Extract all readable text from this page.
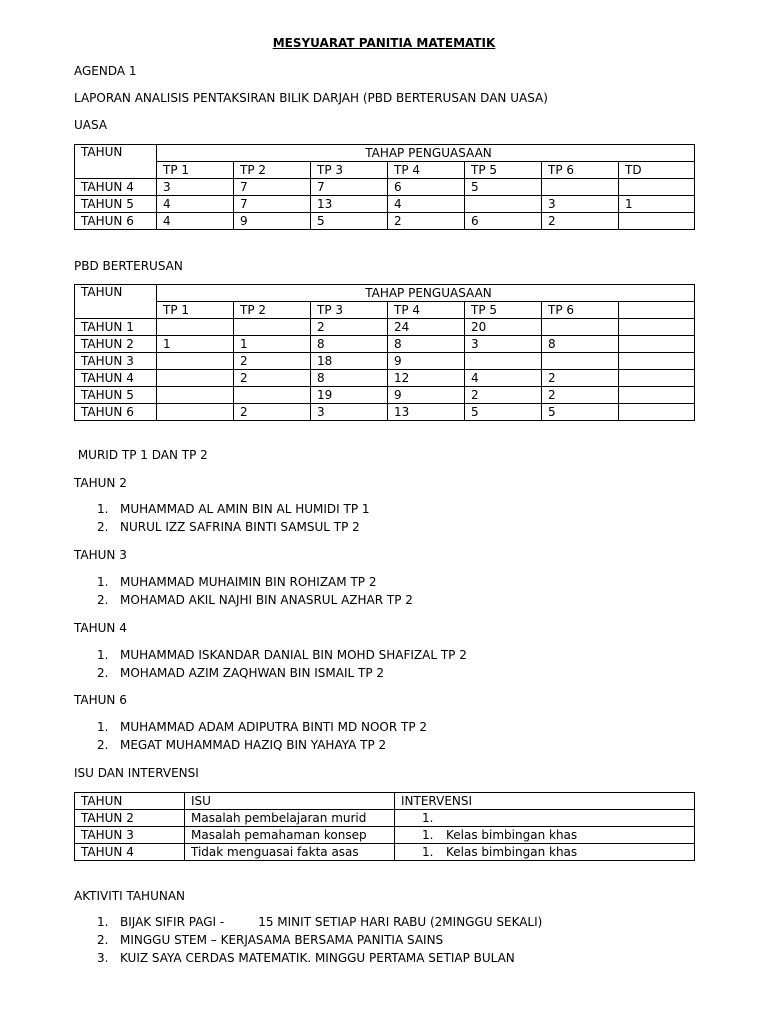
MESYUARAT PANITIA MATEMATIK
AGENDA 1
LAPORAN ANALISIS PENTAKSIRAN BILIK DARJAH (PBD BERTERUSAN DAN UASA)
UASA
TAHUN	TAHAP PENGUASAAN						
	TP 1	TP 2	TP 3	TP 4	TP 5	TP 6	TD
TAHUN 4	3	7	7	6	5		
TAHUN 5	4	7	13	4		3	1
TAHUN 6	4	9	5	2	6	2	
PBD BERTERUSAN
TAHUN	TAHAP PENGUASAAN						
	TP 1	TP 2	TP 3	TP 4	TP 5	TP 6	
TAHUN 1			2	24	20		
TAHUN 2	1	1	8	8	3	8	
TAHUN 3		2	18	9			
TAHUN 4		2	8	12	4	2	
TAHUN 5			19	9	2	2	
TAHUN 6		2	3	13	5	5	
MURID TP 1 DAN TP 2
TAHUN 2
1. MUHAMMAD AL AMIN BIN AL HUMIDI TP 1
2. NURUL IZZ SAFRINA BINTI SAMSUL TP 2
TAHUN 3
1. MUHAMMAD MUHAIMIN BIN ROHIZAM TP 2
2. MOHAMAD AKIL NAJHI BIN ANASRUL AZHAR TP 2
TAHUN 4
1. MUHAMMAD ISKANDAR DANIAL BIN MOHD SHAFIZAL TP 2
2. MOHAMAD AZIM ZAQHWAN BIN ISMAIL TP 2
TAHUN 6
1. MUHAMMAD ADAM ADIPUTRA BINTI MD NOOR TP 2
2. MEGAT MUHAMMAD HAZIQ BIN YAHAYA TP 2
ISU DAN INTERVENSI
TAHUN	ISU	INTERVENSI
TAHUN 2	Masalah pembelajaran murid	1.
TAHUN 3	Masalah pemahaman konsep	1. Kelas bimbingan khas
TAHUN 4	Tidak menguasai fakta asas	1. Kelas bimbingan khas
AKTIVITI TAHUNAN
1. BIJAK SIFIR PAGI -	15 MINIT SETIAP HARI RABU (2MINGGU SEKALI)
2. MINGGU STEM – KERJASAMA BERSAMA PANITIA SAINS
3. KUIZ SAYA CERDAS MATEMATIK. MINGGU PERTAMA SETIAP BULAN
